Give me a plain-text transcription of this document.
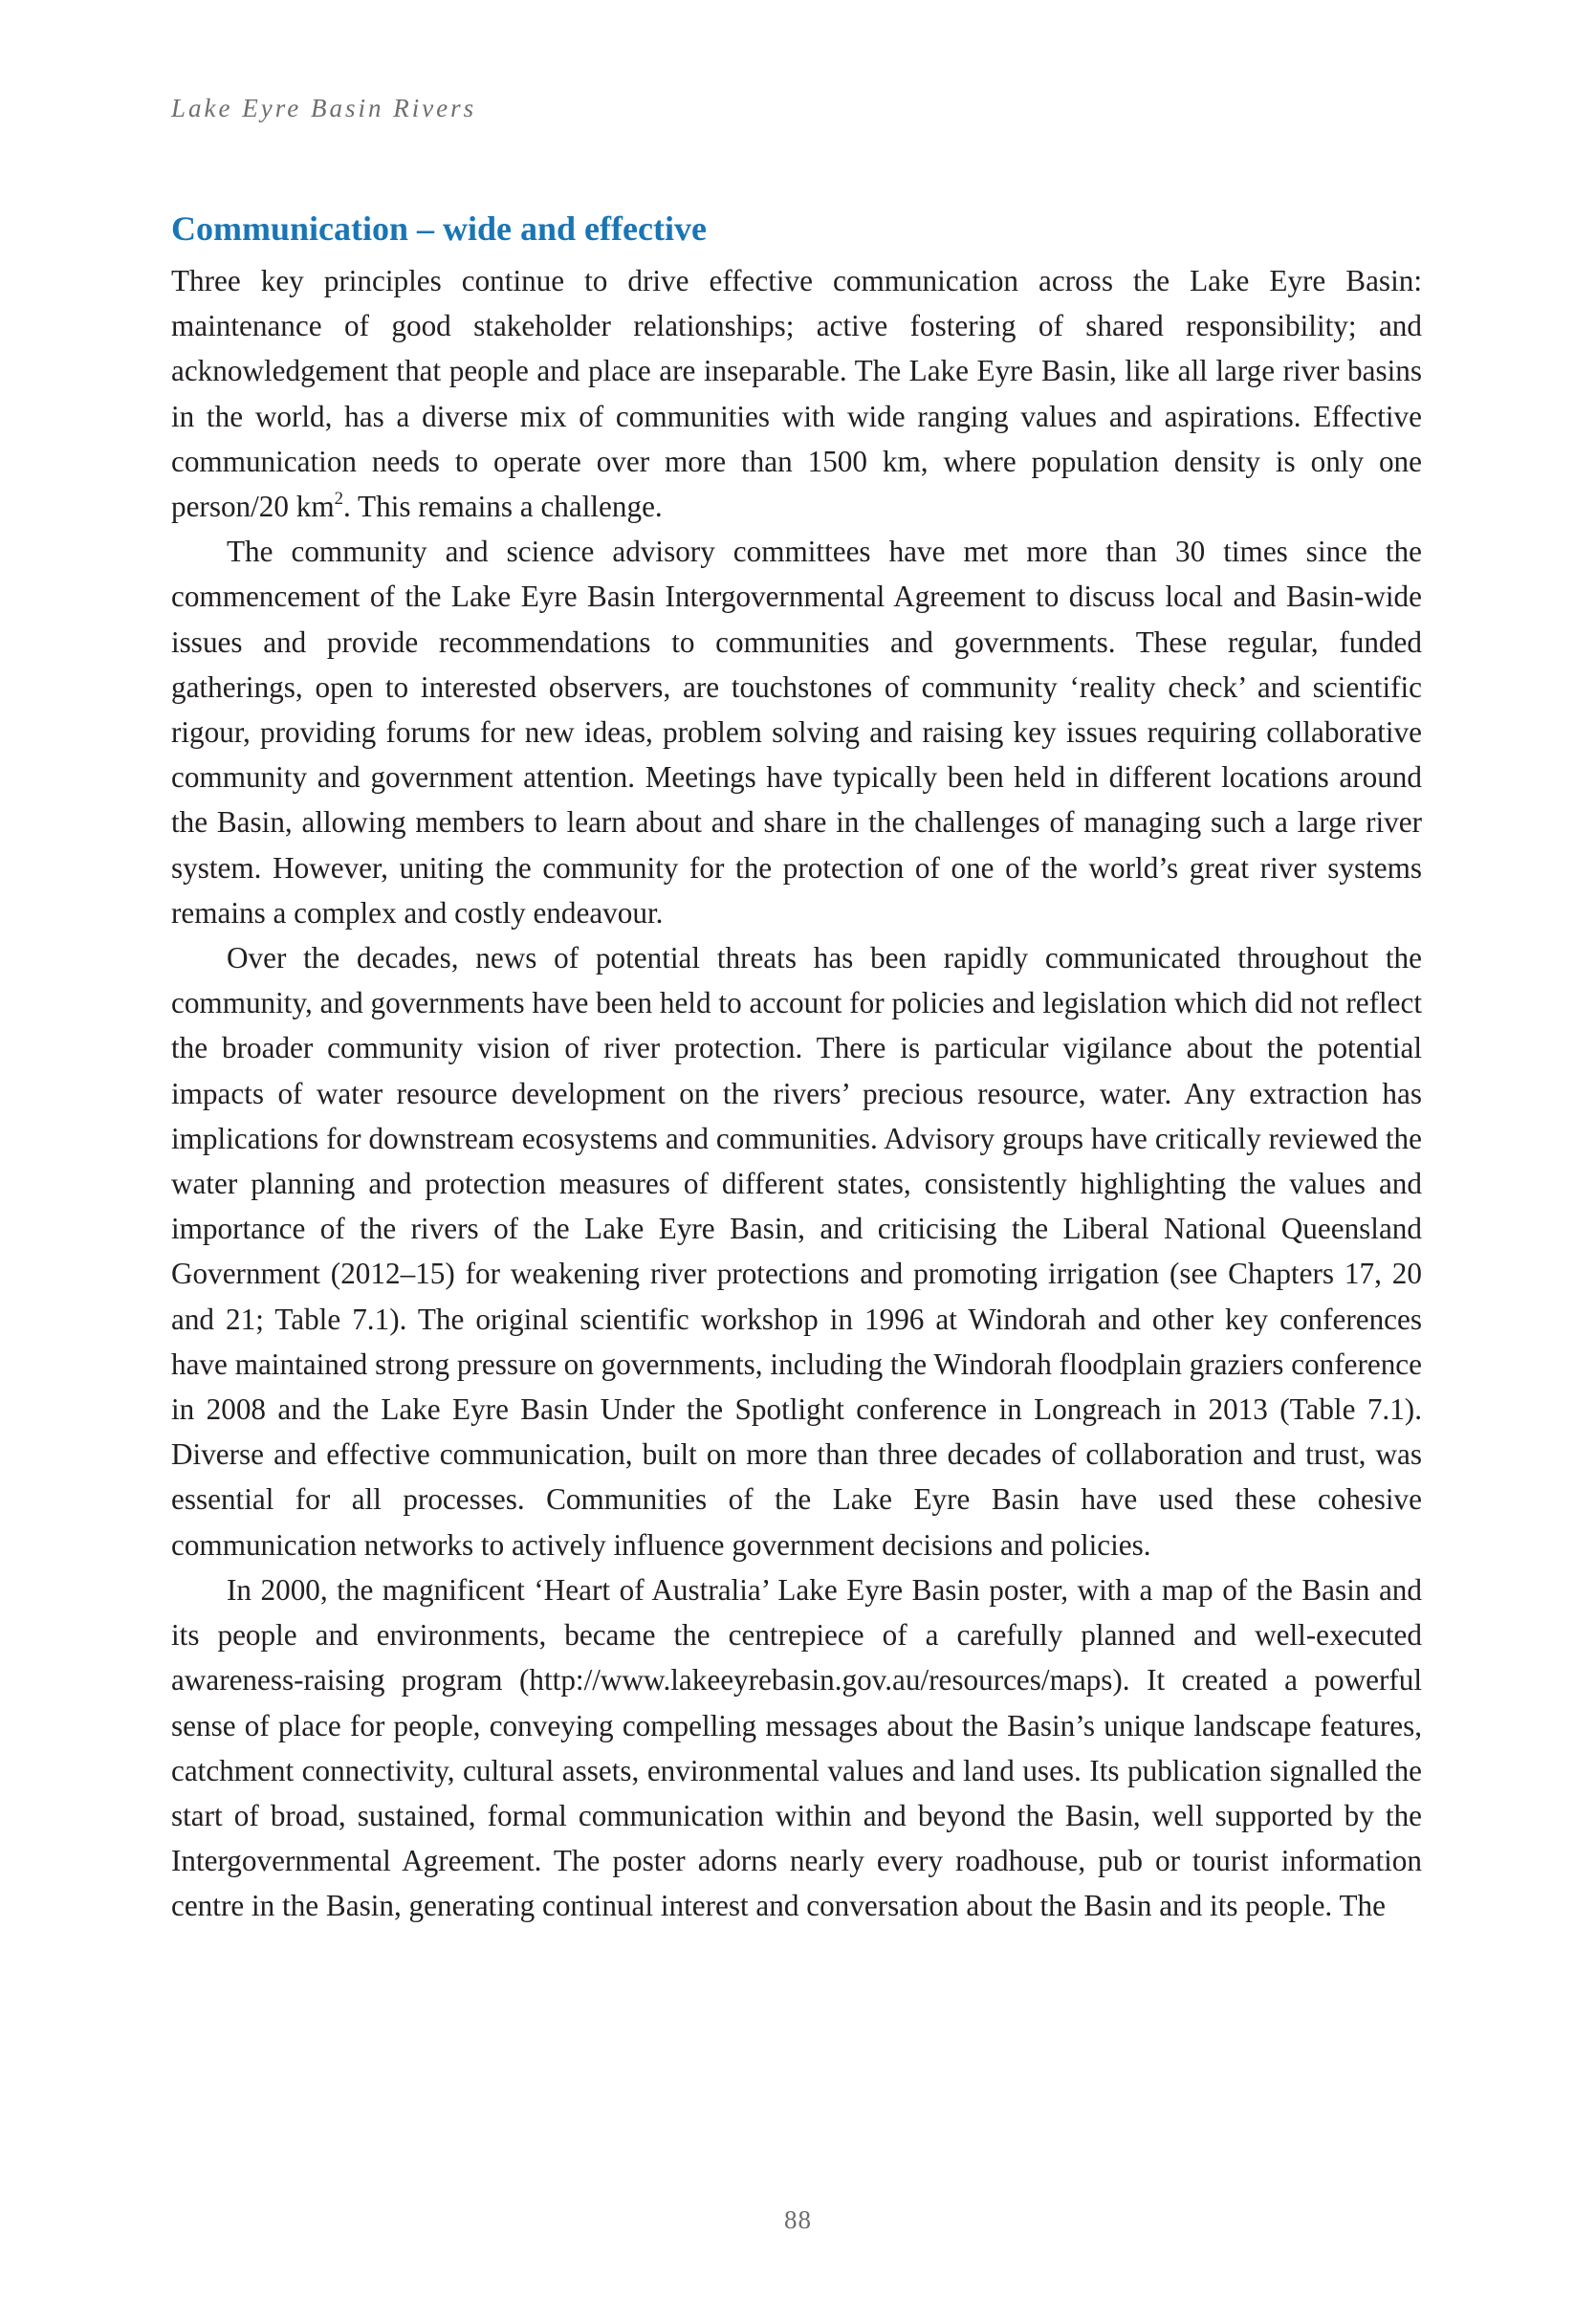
Lake Eyre Basin Rivers
Communication – wide and effective

Three key principles continue to drive effective communication across the Lake Eyre Basin: maintenance of good stakeholder relationships; active fostering of shared responsibility; and acknowledgement that people and place are inseparable. The Lake Eyre Basin, like all large river basins in the world, has a diverse mix of communities with wide ranging values and aspirations. Effective communication needs to operate over more than 1500 km, where population density is only one person/20 $km^2$. This remains a challenge.

The community and science advisory committees have met more than 30 times since the commencement of the Lake Eyre Basin Intergovernmental Agreement to discuss local and Basin-wide issues and provide recommendations to communities and governments. These regular, funded gatherings, open to interested observers, are touchstones of community ‘reality check’ and scientific rigour, providing forums for new ideas, problem solving and raising key issues requiring collaborative community and government attention. Meetings have typically been held in different locations around the Basin, allowing members to learn about and share in the challenges of managing such a large river system. However, uniting the community for the protection of one of the world’s great river systems remains a complex and costly endeavour.

Over the decades, news of potential threats has been rapidly communicated throughout the community, and governments have been held to account for policies and legislation which did not reflect the broader community vision of river protection. There is particular vigilance about the potential impacts of water resource development on the rivers’ precious resource, water. Any extraction has implications for downstream ecosystems and communities. Advisory groups have critically reviewed the water planning and protection measures of different states, consistently highlighting the values and importance of the rivers of the Lake Eyre Basin, and criticising the Liberal National Queensland Government (2012–15) for weakening river protections and promoting irrigation (see Chapters 17, 20 and 21; Table 7.1). The original scientific workshop in 1996 at Windorah and other key conferences have maintained strong pressure on governments, including the Windorah floodplain graziers conference in 2008 and the Lake Eyre Basin Under the Spotlight conference in Longreach in 2013 (Table 7.1). Diverse and effective communication, built on more than three decades of collaboration and trust, was essential for all processes. Communities of the Lake Eyre Basin have used these cohesive communication networks to actively influence government decisions and policies.

In 2000, the magnificent ‘Heart of Australia’ Lake Eyre Basin poster, with a map of the Basin and its people and environments, became the centrepiece of a carefully planned and well-executed awareness-raising program (http://www.lakeeyrebasin.gov.au/resources/maps). It created a powerful sense of place for people, conveying compelling messages about the Basin’s unique landscape features, catchment connectivity, cultural assets, environmental values and land uses. Its publication signalled the start of broad, sustained, formal communication within and beyond the Basin, well supported by the Intergovernmental Agreement. The poster adorns nearly every roadhouse, pub or tourist information centre in the Basin, generating continual interest and conversation about the Basin and its people. The

88
